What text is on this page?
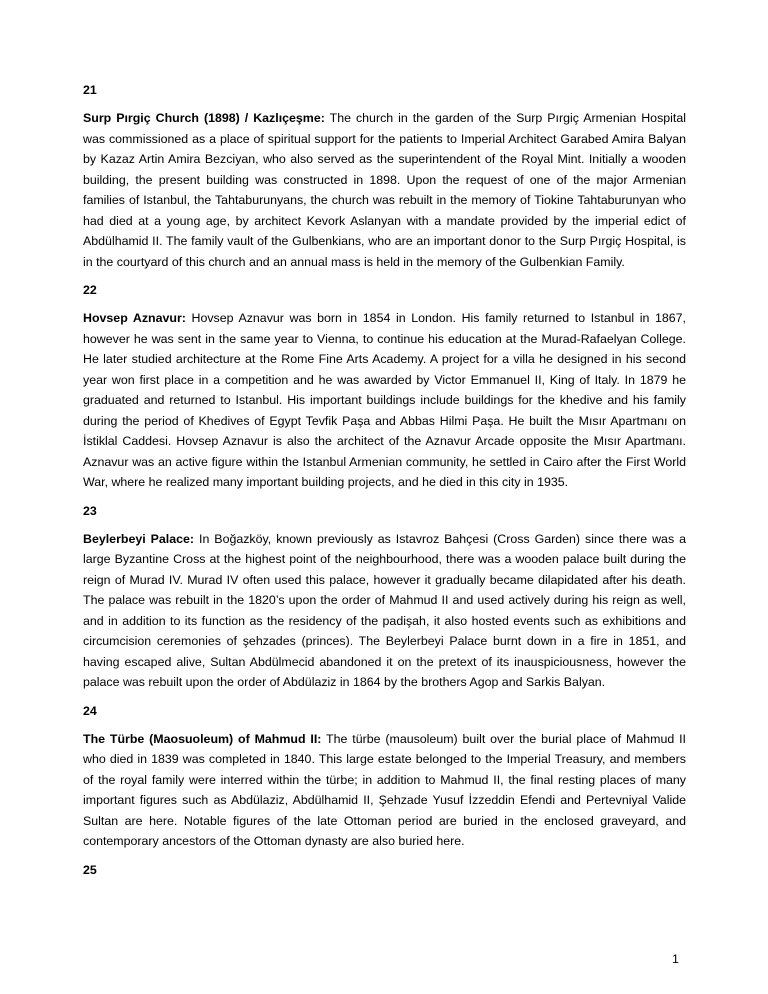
21

Surp Pırgiç Church (1898) / Kazlıçeşme: The church in the garden of the Surp Pırgiç Armenian Hospital was commissioned as a place of spiritual support for the patients to Imperial Architect Garabed Amira Balyan by Kazaz Artin Amira Bezciyan, who also served as the superintendent of the Royal Mint. Initially a wooden building, the present building was constructed in 1898. Upon the request of one of the major Armenian families of Istanbul, the Tahtaburunyans, the church was rebuilt in the memory of Tiokine Tahtaburunyan who had died at a young age, by architect Kevork Aslanyan with a mandate provided by the imperial edict of Abdülhamid II. The family vault of the Gulbenkians, who are an important donor to the Surp Pırgiç Hospital, is in the courtyard of this church and an annual mass is held in the memory of the Gulbenkian Family.

22

Hovsep Aznavur: Hovsep Aznavur was born in 1854 in London. His family returned to Istanbul in 1867, however he was sent in the same year to Vienna, to continue his education at the Murad-Rafaelyan College. He later studied architecture at the Rome Fine Arts Academy. A project for a villa he designed in his second year won first place in a competition and he was awarded by Victor Emmanuel II, King of Italy. In 1879 he graduated and returned to Istanbul. His important buildings include buildings for the khedive and his family during the period of Khedives of Egypt Tevfik Paşa and Abbas Hilmi Paşa. He built the Mısır Apartmanı on İstiklal Caddesi. Hovsep Aznavur is also the architect of the Aznavur Arcade opposite the Mısır Apartmanı. Aznavur was an active figure within the Istanbul Armenian community, he settled in Cairo after the First World War, where he realized many important building projects, and he died in this city in 1935.

23

Beylerbeyi Palace: In Boğazköy, known previously as Istavroz Bahçesi (Cross Garden) since there was a large Byzantine Cross at the highest point of the neighbourhood, there was a wooden palace built during the reign of Murad IV. Murad IV often used this palace, however it gradually became dilapidated after his death. The palace was rebuilt in the 1820’s upon the order of Mahmud II and used actively during his reign as well, and in addition to its function as the residency of the padişah, it also hosted events such as exhibitions and circumcision ceremonies of şehzades (princes). The Beylerbeyi Palace burnt down in a fire in 1851, and having escaped alive, Sultan Abdülmecid abandoned it on the pretext of its inauspiciousness, however the palace was rebuilt upon the order of Abdülaziz in 1864 by the brothers Agop and Sarkis Balyan.

24

The Türbe (Maosuoleum) of Mahmud II: The türbe (mausoleum) built over the burial place of Mahmud II who died in 1839 was completed in 1840. This large estate belonged to the Imperial Treasury, and members of the royal family were interred within the türbe; in addition to Mahmud II, the final resting places of many important figures such as Abdülaziz, Abdülhamid II, Şehzade Yusuf İzzeddin Efendi and Pertevniyal Valide Sultan are here. Notable figures of the late Ottoman period are buried in the enclosed graveyard, and contemporary ancestors of the Ottoman dynasty are also buried here.

25
1
